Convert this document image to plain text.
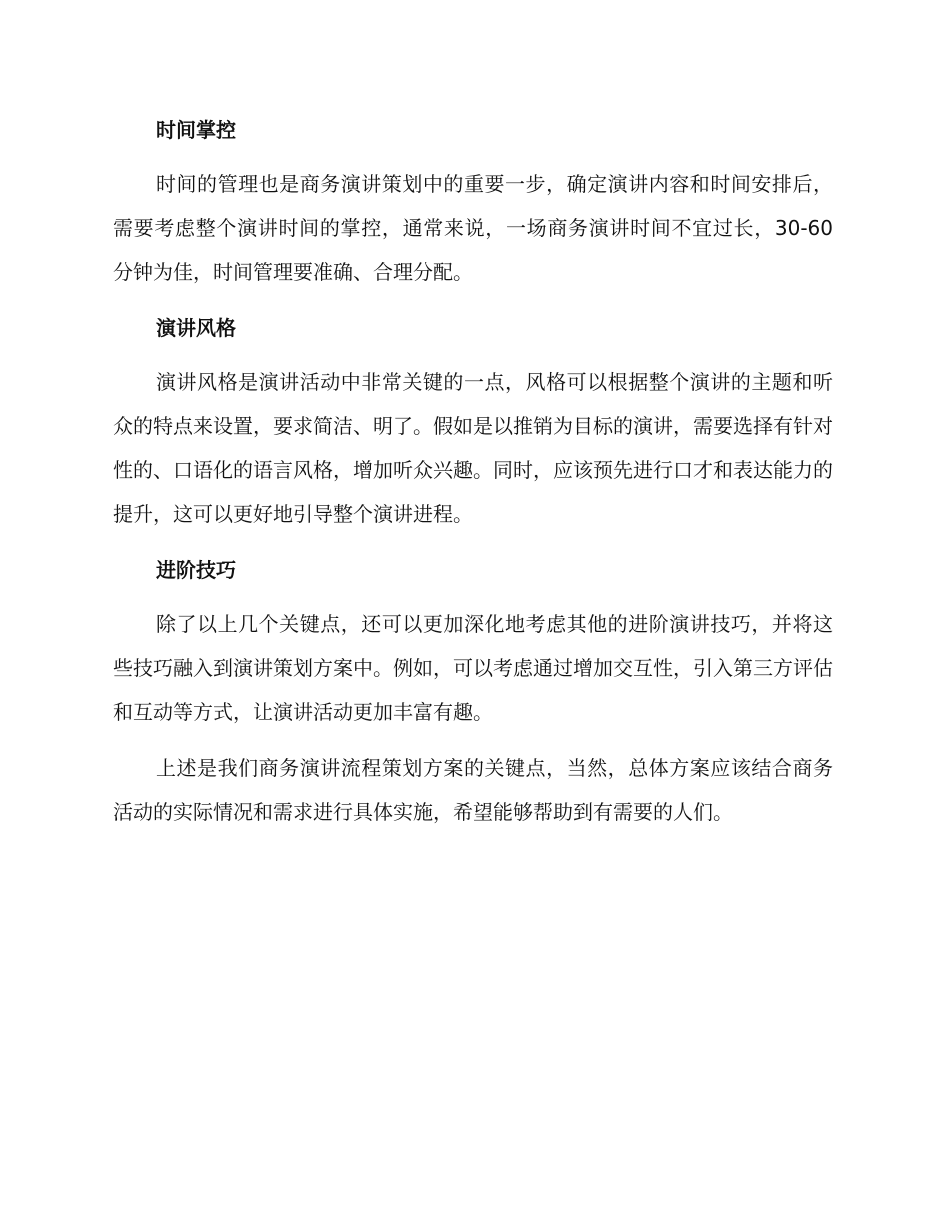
时间掌控
时间的管理也是商务演讲策划中的重要一步，确定演讲内容和时间安排后，需要考虑整个演讲时间的掌控，通常来说，一场商务演讲时间不宜过长，30-60 分钟为佳，时间管理要准确、合理分配。
演讲风格
演讲风格是演讲活动中非常关键的一点，风格可以根据整个演讲的主题和听众的特点来设置，要求简洁、明了。假如是以推销为目标的演讲，需要选择有针对性的、口语化的语言风格，增加听众兴趣。同时，应该预先进行口才和表达能力的提升，这可以更好地引导整个演讲进程。
进阶技巧
除了以上几个关键点，还可以更加深化地考虑其他的进阶演讲技巧，并将这些技巧融入到演讲策划方案中。例如，可以考虑通过增加交互性，引入第三方评估和互动等方式，让演讲活动更加丰富有趣。
上述是我们商务演讲流程策划方案的关键点，当然，总体方案应该结合商务活动的实际情况和需求进行具体实施，希望能够帮助到有需要的人们。
